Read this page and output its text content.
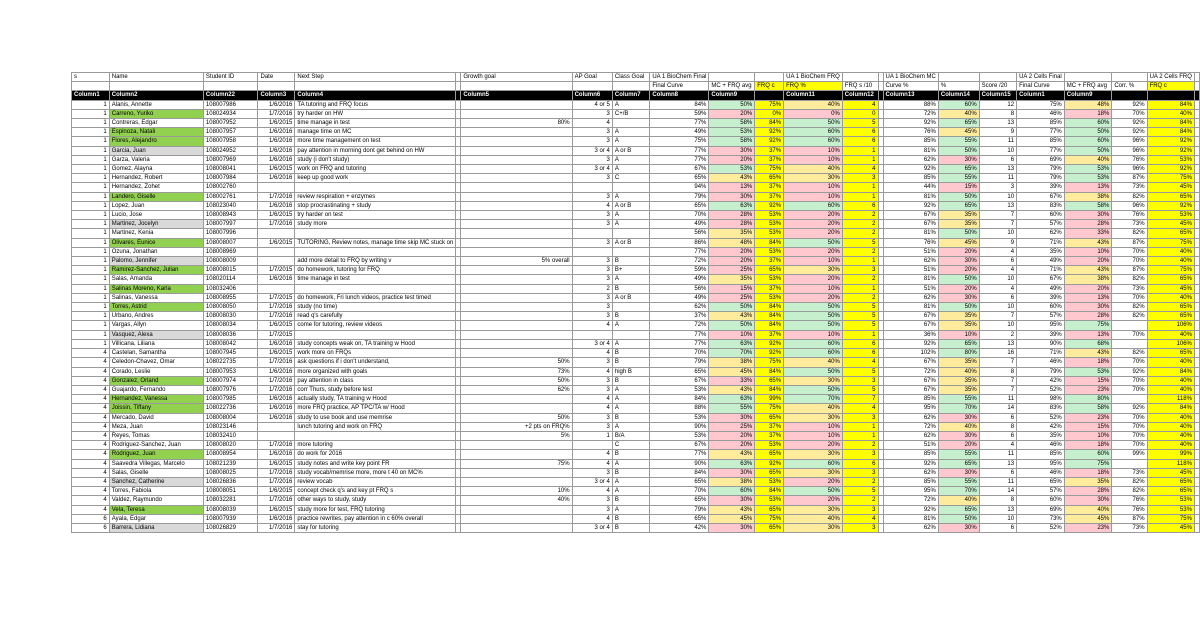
s	Name	Student ID	Date	Next Step		Growth goal	AP Goal	Class Goal	UA 1 BioChem Final			UA 1 BioChem FRQ			UA 1 BioChem MC			UA 2 Cells Final			UA 2 Cells FRQ	
									Final Curve	MC + FRQ avg	FRQ c	FRQ %	FRQ s /10		Curve %	%	Score /20	Final Curve	MC + FRQ avg	Corr. %	FRQ c	
Column1	Column2	Column22	Column3	Column4		Column5	Column6	Column7	Column8	Column9		Column11	Column12		Column13	Column14	Column15	Column1	Column9			
1	Alanis, Annette	108007986	1/6/2016	TA tutoring and FRQ focus			4 or 5	A	84%	50%	75%	40%	4		88%	60%	12	75%	48%	92%	84%	
1	Carreno, Yuriko	108024934	1/7/2016	try harder on HW			3	C+/B	59%	20%	0%	0%	0		72%	40%	8	46%	18%	70%	40%	
1	Contreras, Edgar	108007952	1/6/2015	time manage in test		80%	4		77%	58%	84%	50%	5		92%	65%	13	85%	60%	92%	84%	
1	Espinoza, Natali	108007957	1/6/2016	manage time on MC			3	A	49%	53%	92%	60%	6		76%	45%	9	77%	50%	92%	84%	
1	Flores, Alejandro	108007958	1/6/2016	more time management on test			3	A	75%	58%	92%	60%	6		85%	55%	11	85%	60%	96%	92%	
1	Garcia, Juan	108024952	1/6/2016	pay attention in morning dont get behind on HW			3 or 4	A or B	77%	30%	37%	10%	1		81%	50%	10	77%	50%	96%	92%	
1	Garza, Valeria	108007969	1/6/2016	study (i don't study)			3	A	77%	20%	37%	10%	1		62%	30%	6	69%	40%	76%	53%	
1	Gomez, Alayna	108008041	1/6/2015	work on FRQ and tutoring			3 or 4	A	67%	53%	75%	40%	4		92%	65%	13	79%	53%	96%	92%	
1	Hernandez, Robert	108007984	1/6/2016	keep up good work			3	C	65%	43%	65%	30%	3		85%	55%	11	79%	53%	87%	75%	
1	Hernandez, Zohet	108002760							94%	13%	37%	10%	1		44%	15%	3	39%	13%	73%	45%	
1	Landero, Giselle	108002761	1/7/2016	review respiration + enzymes			3	A	79%	30%	37%	10%	1		81%	50%	10	67%	38%	82%	65%	
1	Lopez, Juan	108023040	1/6/2016	stop procrastinating + study			4	A or B	65%	63%	92%	60%	6		92%	65%	13	83%	58%	96%	92%	
1	Lucio, Jose	108008943	1/6/2015	try harder on test			3	A	70%	28%	53%	20%	2		67%	35%	7	60%	30%	76%	53%	
1	Martinez, Jocelyn	108007997	1/7/2016	study more			3	A	49%	28%	53%	20%	2		67%	35%	7	57%	28%	73%	45%	
1	Martinez, Kenia	108007996							56%	35%	53%	20%	2		81%	50%	10	62%	33%	82%	65%	
1	Olivares, Eunice	108008007	1/6/2015	TUTORING, Review notes, manage time skip MC stuck on			3	A or B	86%	48%	84%	50%	5		76%	45%	9	71%	43%	87%	75%	
1	Ozuna, Jonathan	108008969							77%	20%	53%	20%	2		51%	20%	4	35%	10%	70%	40%	
1	Palomo, Jennifer	108008009		add more detail to FRQ by writing v		5% overall	3	B	72%	20%	37%	10%	1		62%	30%	6	49%	20%	70%	40%	
1	Ramirez-Sanchez, Julian	108008015	1/7/2015	do homework, tutoring for FRQ			3	B+	59%	25%	65%	30%	3		51%	20%	4	71%	43%	87%	75%	
1	Salas, Amanda	108020114	1/6/2016	time manage in test			3	A	49%	35%	53%	20%	2		81%	50%	10	67%	38%	82%	65%	
1	Salinas Moreno, Karla	108032406					2	B	56%	15%	37%	10%	1		51%	20%	4	49%	20%	73%	45%	
1	Salinas, Vanessa	108008955	1/7/2015	do homework, Fri lunch videos, practice test timed			3	A or B	49%	25%	53%	20%	2		62%	30%	6	39%	13%	70%	40%	
1	Torres, Astrid	108008050	1/7/2016	study (no time)			3		62%	50%	84%	50%	5		81%	50%	10	60%	30%	82%	65%	
1	Urbano, Andres	108008030	1/7/2016	read q's carefully			3	B	37%	43%	84%	50%	5		67%	35%	7	57%	28%	82%	65%	
1	Vargas, Allyn	108008034	1/6/2015	come for tutoring, review videos			4	A	72%	50%	84%	50%	5		67%	35%	10	95%	75%		106%	
1	Vasquez, Alexa	108008036	1/7/2015						77%	10%	37%	10%	1		36%	10%	2	39%	13%	70%	40%	
1	Villicana, Liliana	108008042	1/6/2016	study concepts weak on, TA training w Hood			3 or 4	A	77%	63%	92%	60%	6		92%	65%	13	90%	68%		106%	
4	Castelan, Samantha	108007945	1/6/2015	work more on FRQs			4	B	70%	70%	92%	60%	6		102%	80%	16	71%	43%	82%	65%	
4	Celedon-Chavez, Omar	108022735	1/7/2016	ask questions if i don't understand,		50%	3	B	79%	38%	75%	40%	4		67%	35%	7	46%	18%	70%	40%	
4	Corado, Leslie	108007953	1/6/2016	more organized with goals		73%	4	high B	65%	45%	84%	50%	5		72%	40%	8	79%	53%	92%	84%	
4	Gonzalez, Orland	108007974	1/7/2016	pay attention in class		50%	3	B	67%	33%	65%	30%	3		67%	35%	7	42%	15%	70%	40%	
4	Guajardo, Fernando	108007976	1/7/2016	corr Thurs, study before test		62%	3	A	53%	43%	84%	50%	5		67%	35%	7	52%	23%	70%	40%	
4	Hernandez, Vanessa	108007985	1/6/2016	actually study, TA training w Hood			4	A	84%	63%	99%	70%	7		85%	55%	11	98%	80%		118%	
4	Joissin, Tiffany	108022736	1/6/2016	more FRQ practice, AP TPC/TA w/ Hood			4	A	88%	55%	75%	40%	4		95%	70%	14	83%	58%	92%	84%	
4	Mercado, David	108008004	1/6/2016	study to use book and use memrise		50%	3	B	53%	30%	65%	30%	3		62%	30%	6	52%	23%	70%	40%	
4	Meza, Juan	108023146		lunch tutoring and work on FRQ		+2 pts on FRQ%	3	A	90%	25%	37%	10%	1		72%	40%	8	42%	15%	70%	40%	
4	Reyes, Tomas	108032410				5%	1	B/A	53%	20%	37%	10%	1		62%	30%	6	35%	10%	70%	40%	
4	Rodriguez-Sanchez, Juan	108008020	1/7/2016	more tutoring				C	67%	20%	53%	20%	2		51%	20%	4	46%	18%	70%	40%	
4	Rodriguez, Juan	108008954	1/6/2016	do work for 2016			4	B	77%	43%	65%	30%	3		85%	55%	11	85%	60%	99%	99%	
4	Saavedra Villegas, Marcelo	108021239	1/6/2015	study notes and write key point FR		75%	4	A	90%	63%	92%	60%	6		92%	65%	13	95%	75%		118%	
4	Salas, Giselle	108008025	1/7/2016	study vocab/memrise more, more t 40 on MC%			3	B	84%	30%	65%	30%	3		62%	30%	6	46%	18%	73%	45%	
4	Sanchez, Catherine	108026836	1/7/2016	review vocab			3 or 4	A	65%	38%	53%	20%	2		85%	55%	11	65%	35%	82%	65%	
4	Torres, Fabiola	108008051	1/6/2015	concept check q's and key pt FRQ s		10%	4	A	70%	60%	84%	50%	5		95%	70%	14	57%	28%	82%	65%	
4	Valdez, Raymundo	108032281	1/7/2016	other ways to study, study		40%	3	B	65%	30%	53%	20%	2		72%	40%	8	60%	30%	76%	53%	
4	Vela, Teresa	108008039	1/6/2015	study more for test, FRQ tutoring			3	A	79%	43%	65%	30%	3		92%	65%	13	69%	40%	76%	53%	
6	Ayala, Edgar	108007939	1/6/2016	practice rewrites, pay attention in c 60% overall			4	B	65%	45%	75%	40%	4		81%	50%	10	73%	45%	87%	75%	
6	Barrera, Lidiana	108026829	1/7/2016	stay for tutoring			3 or 4	B	42%	30%	65%	30%	3		62%	30%	6	52%	23%	73%	45%	
